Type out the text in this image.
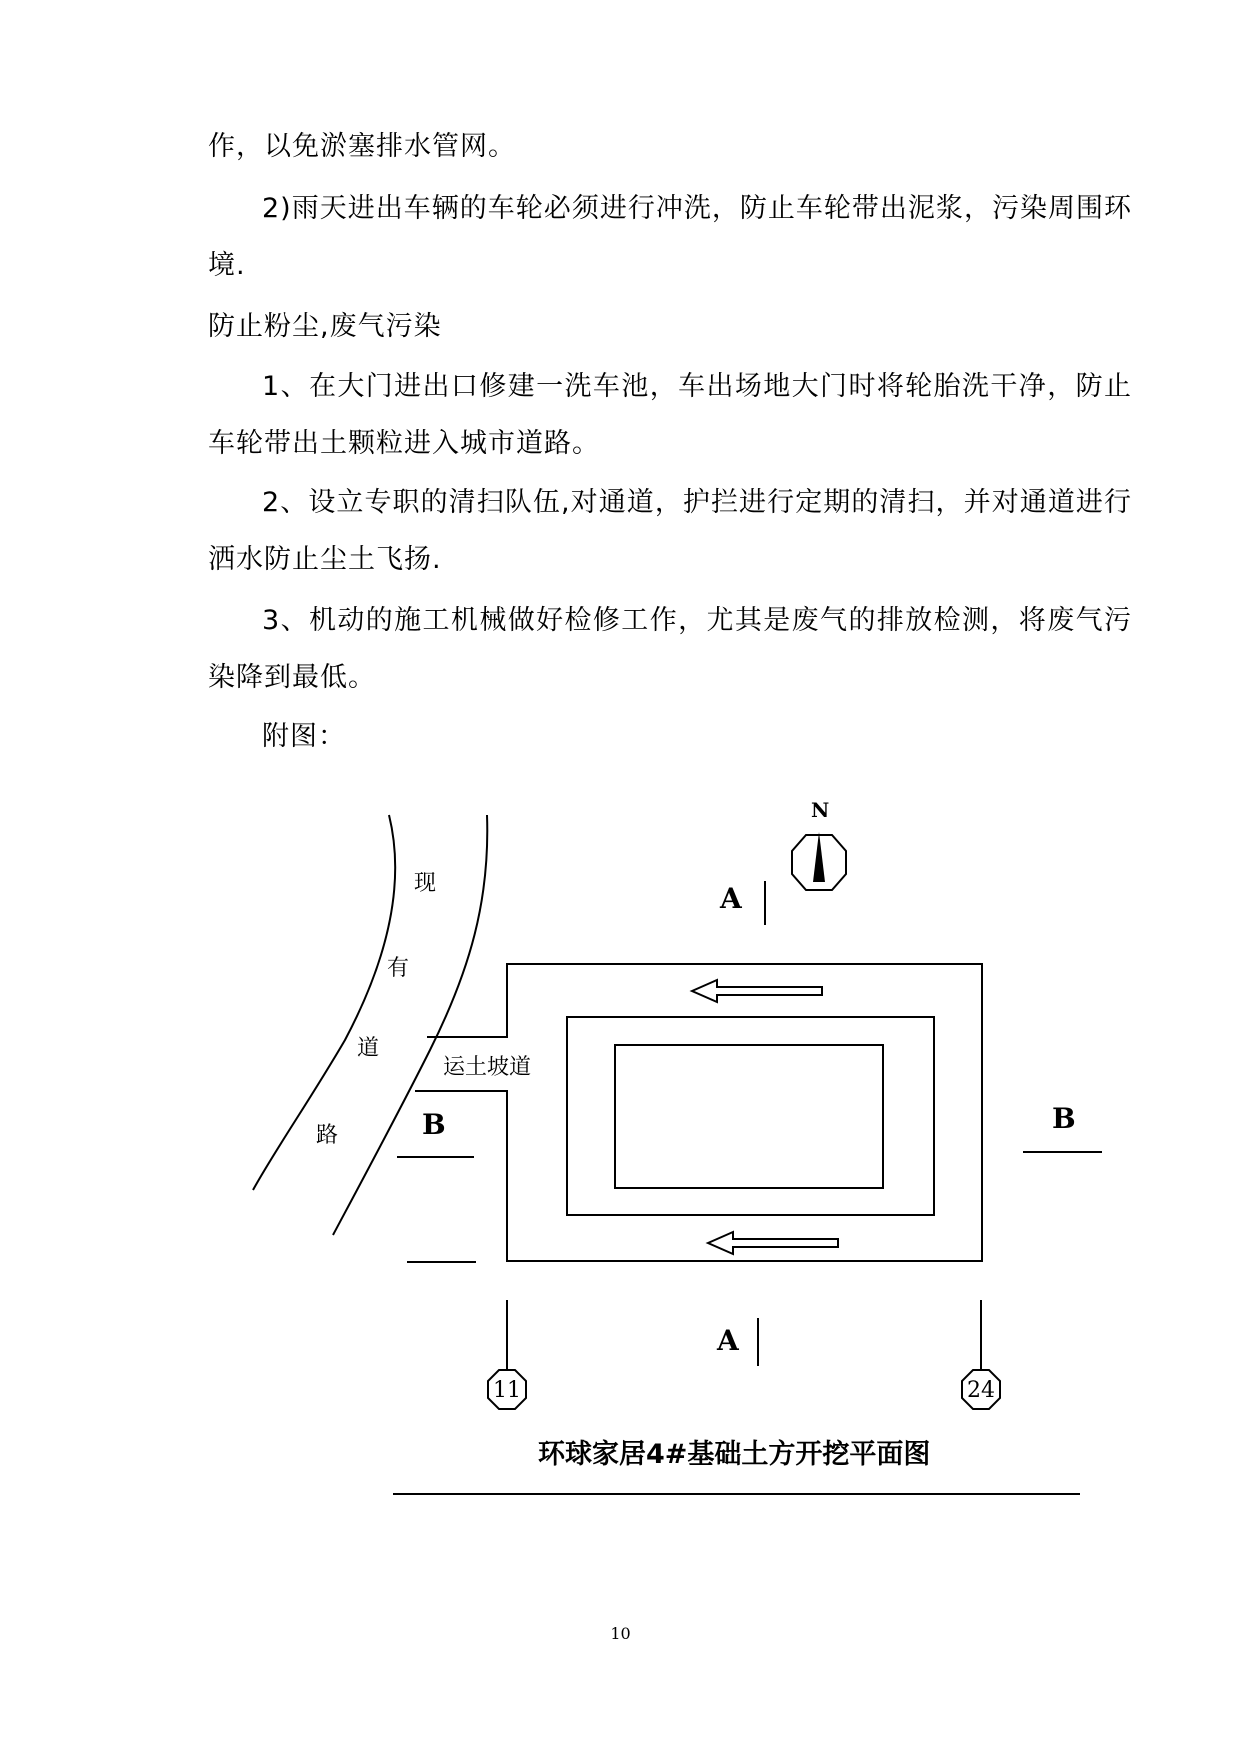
作，以免淤塞排水管网。

2)雨天进出车辆的车轮必须进行冲洗，防止车轮带出泥浆，污染周围环境.

防止粉尘,废气污染

1、在大门进出口修建一洗车池，车出场地大门时将轮胎洗干净，防止车轮带出土颗粒进入城市道路。

2、设立专职的清扫队伍,对通道，护拦进行定期的清扫，并对通道进行洒水防止尘土飞扬.

3、机动的施工机械做好检修工作，尤其是废气的排放检测，将废气污染降到最低。

附图：

现
有
道
路
运土坡道
A
A
B	B
N
11	24
环球家居4#基础土方开挖平面图
10
